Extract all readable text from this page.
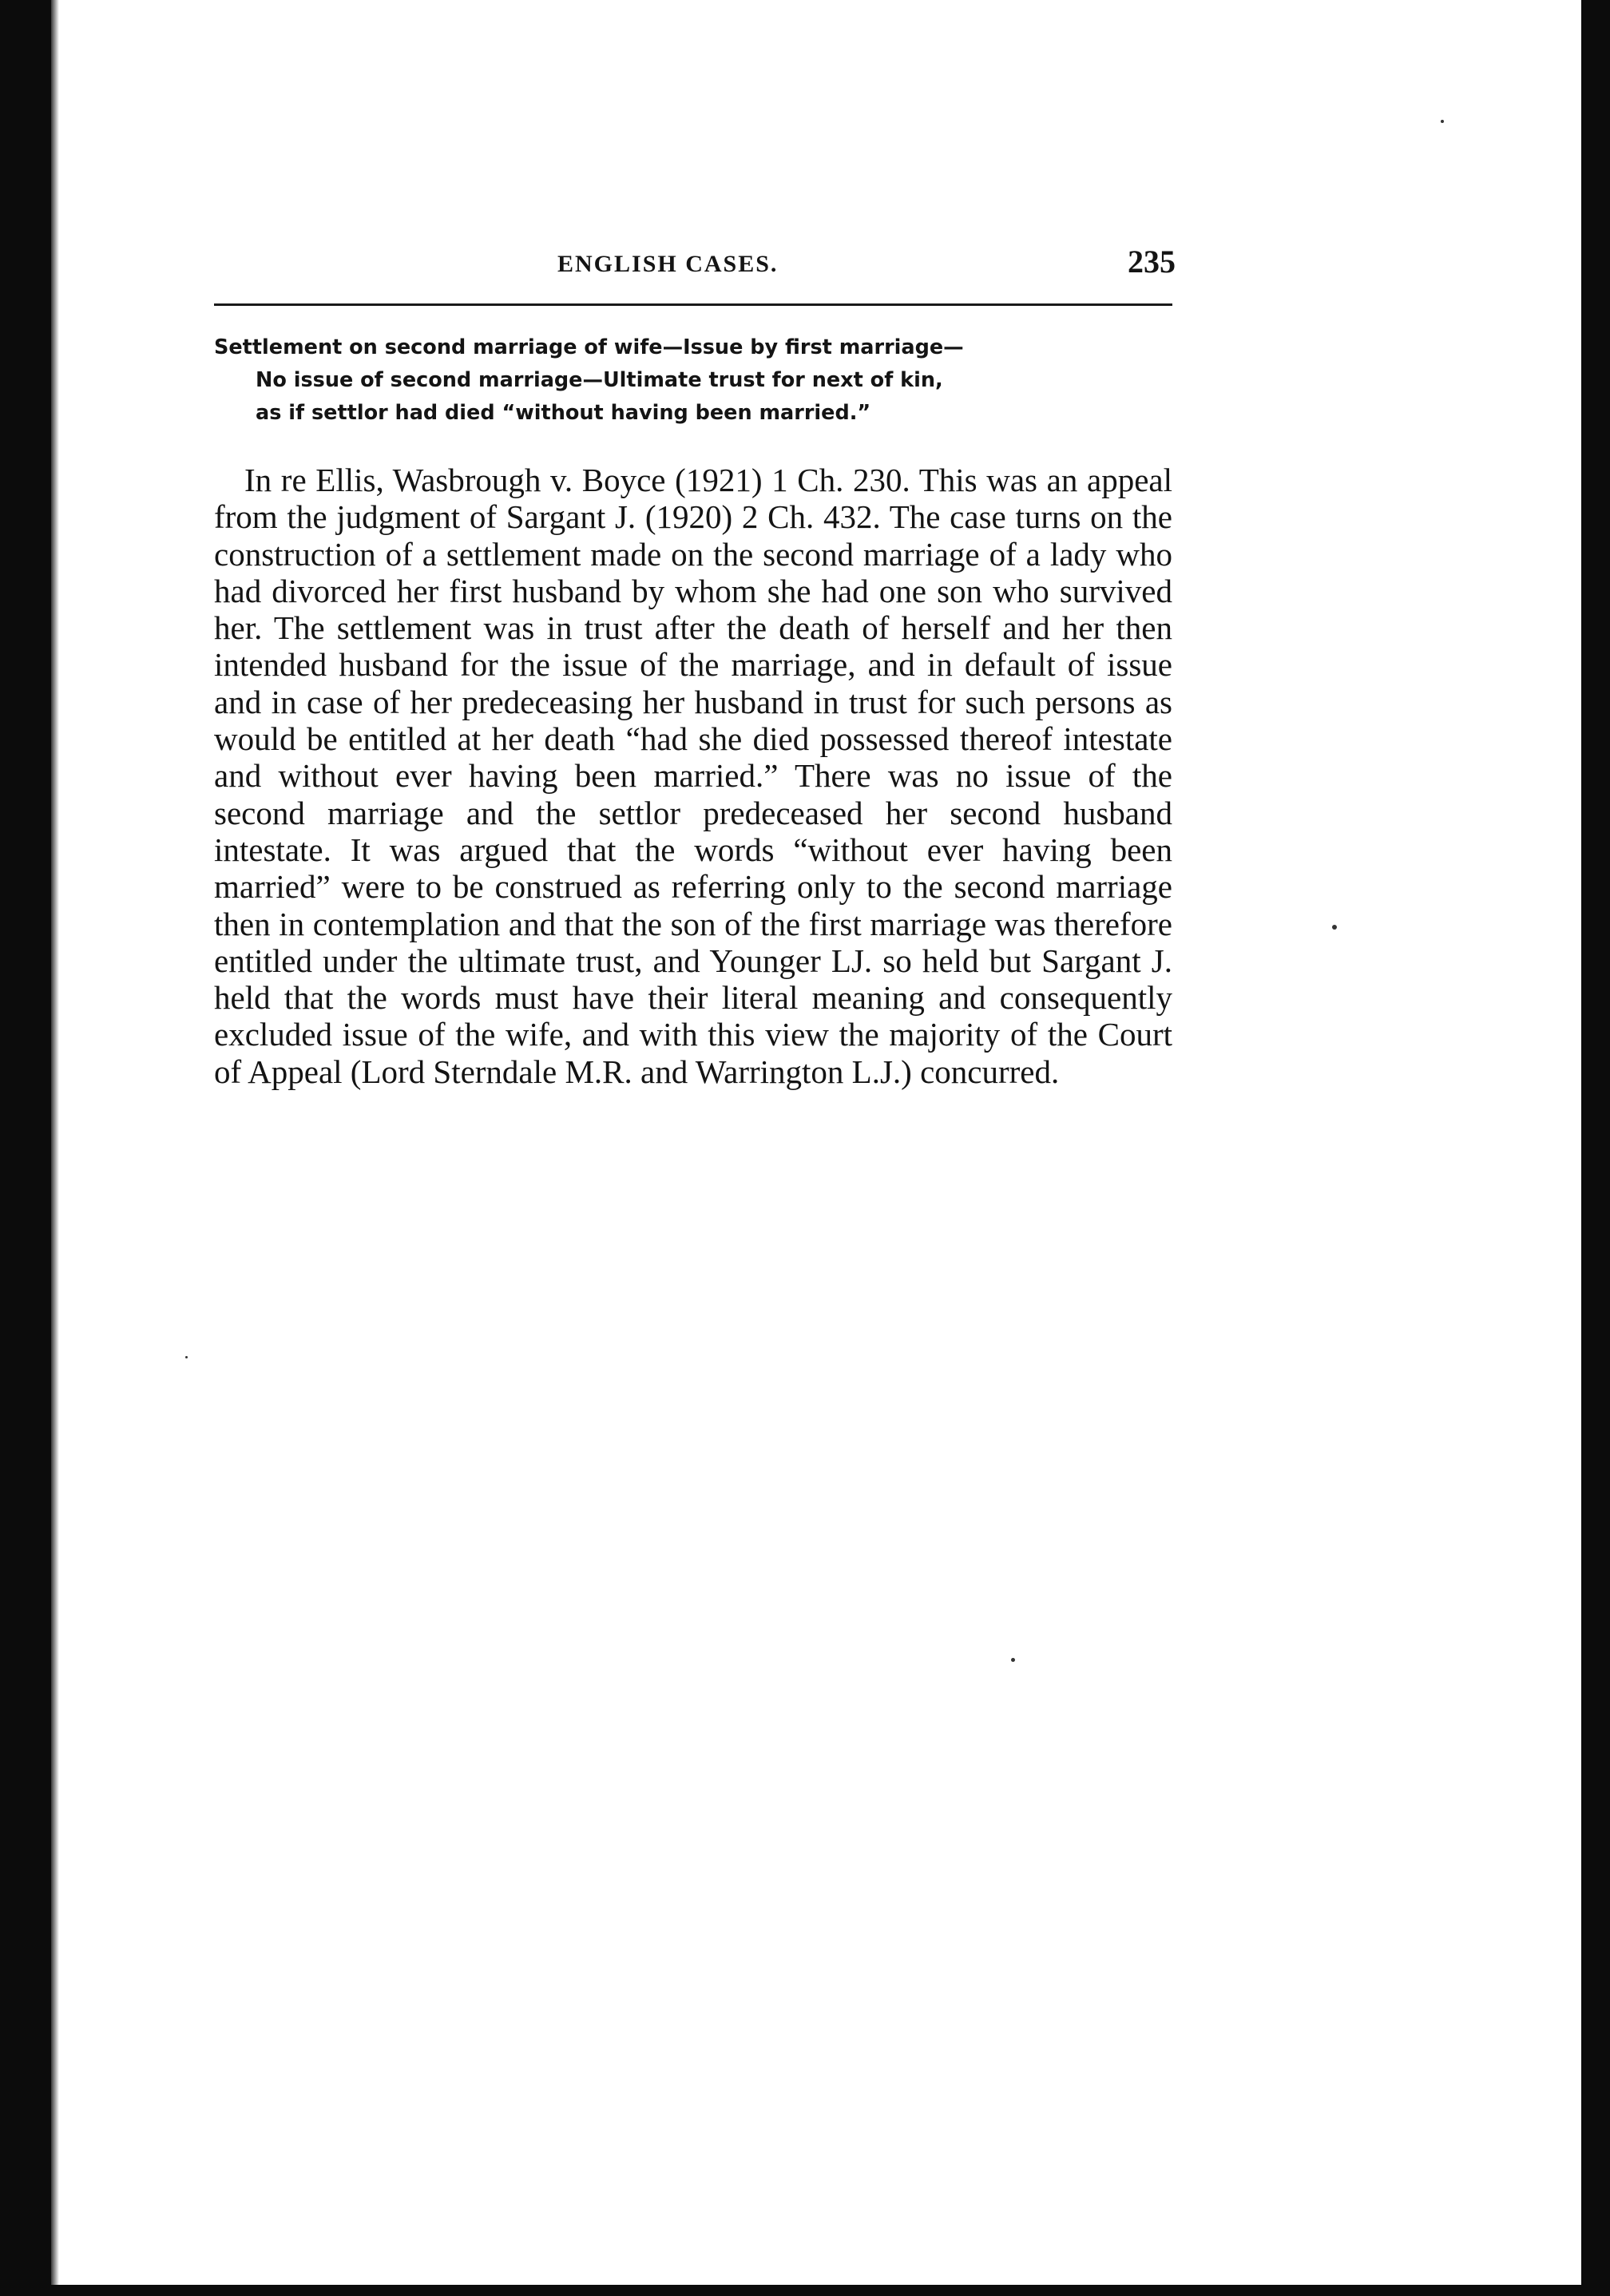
ENGLISH CASES.	235
Settlement on second marriage of wife—Issue by first marriage—
No issue of second marriage—Ultimate trust for next of kin,
as if settlor had died “without having been married.”

In re Ellis, Wasbrough v. Boyce (1921) 1 Ch. 230. This was an appeal from the judgment of Sargant J. (1920) 2 Ch. 432. The case turns on the construction of a settlement made on the second marriage of a lady who had divorced her first husband by whom she had one son who survived her. The settlement was in trust after the death of herself and her then intended husband for the issue of the marriage, and in default of issue and in case of her predeceasing her husband in trust for such persons as would be entitled at her death “had she died possessed thereof intestate and without ever having been married.” There was no issue of the second marriage and the settlor predeceased her second husband intestate. It was argued that the words “without ever having been married” were to be construed as referring only to the second marriage then in contemplation and that the son of the first marriage was therefore entitled under the ultimate trust, and Younger LJ. so held but Sargant J. held that the words must have their literal meaning and consequently excluded issue of the wife, and with this view the majority of the Court of Appeal (Lord Sterndale M.R. and Warrington L.J.) concurred.
